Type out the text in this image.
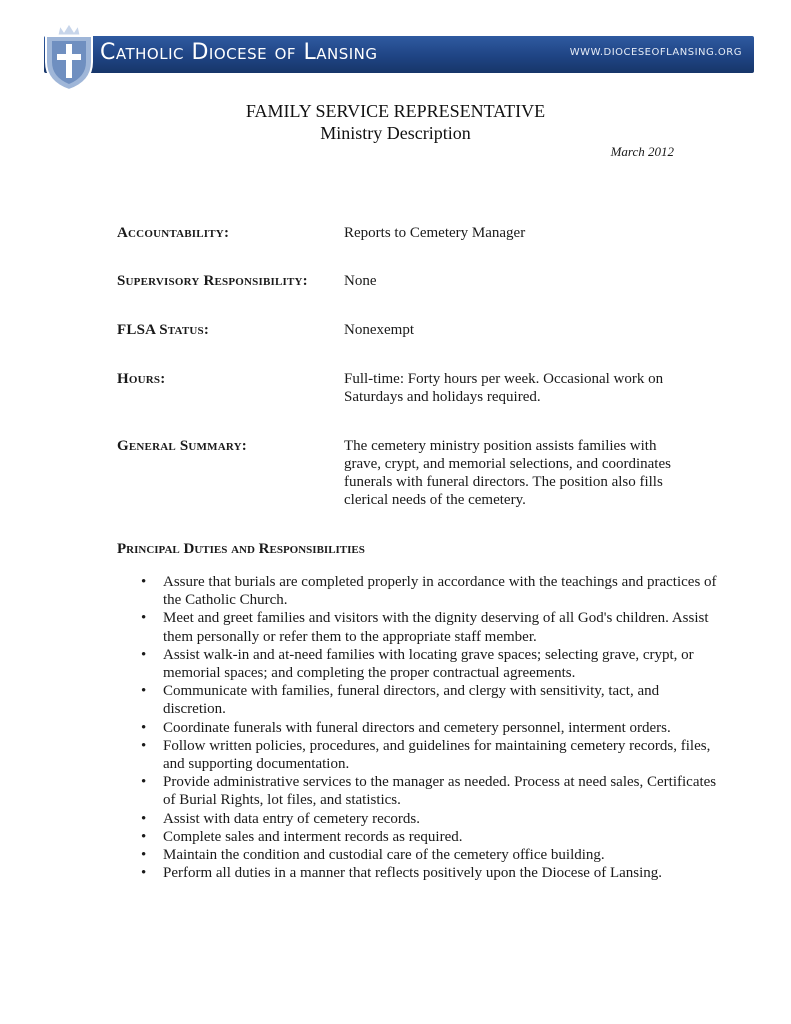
Catholic Diocese of Lansing	WWW.DIOCESEOFLANSING.ORG
FAMILY SERVICE REPRESENTATIVE
Ministry Description
March 2012
Accountability:	Reports to Cemetery Manager
Supervisory Responsibility: None
FLSA Status:	Nonexempt
Hours:	Full-time: Forty hours per week. Occasional work on Saturdays and holidays required.
General Summary:	The cemetery ministry position assists families with grave, crypt, and memorial selections, and coordinates funerals with funeral directors. The position also fills clerical needs of the cemetery.
Principal Duties and Responsibilities
• Assure that burials are completed properly in accordance with the teachings and practices of the Catholic Church.
• Meet and greet families and visitors with the dignity deserving of all God's children. Assist them personally or refer them to the appropriate staff member.
• Assist walk-in and at-need families with locating grave spaces; selecting grave, crypt, or memorial spaces; and completing the proper contractual agreements.
• Communicate with families, funeral directors, and clergy with sensitivity, tact, and discretion.
• Coordinate funerals with funeral directors and cemetery personnel, interment orders.
• Follow written policies, procedures, and guidelines for maintaining cemetery records, files, and supporting documentation.
• Provide administrative services to the manager as needed. Process at need sales, Certificates of Burial Rights, lot files, and statistics.
• Assist with data entry of cemetery records.
• Complete sales and interment records as required.
• Maintain the condition and custodial care of the cemetery office building.
• Perform all duties in a manner that reflects positively upon the Diocese of Lansing.
